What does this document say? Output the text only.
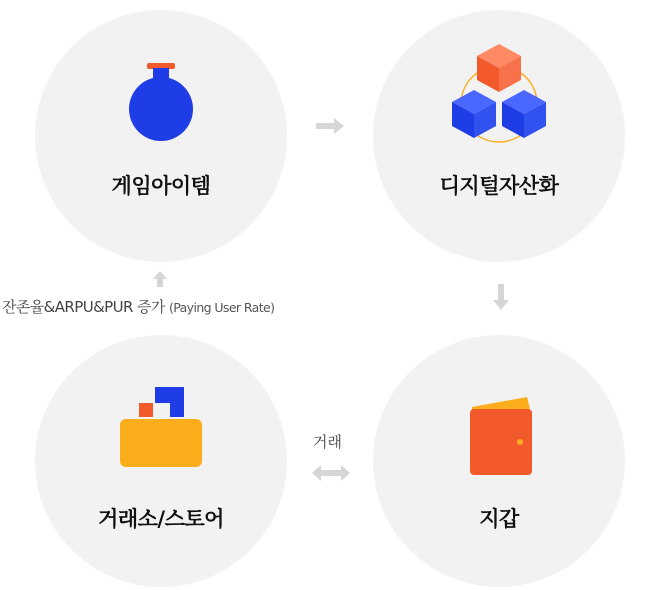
게임아이템	디지털자산화
거래소/스토어	지갑
잔존율&ARPU&PUR 증가 (Paying User Rate)
거래
